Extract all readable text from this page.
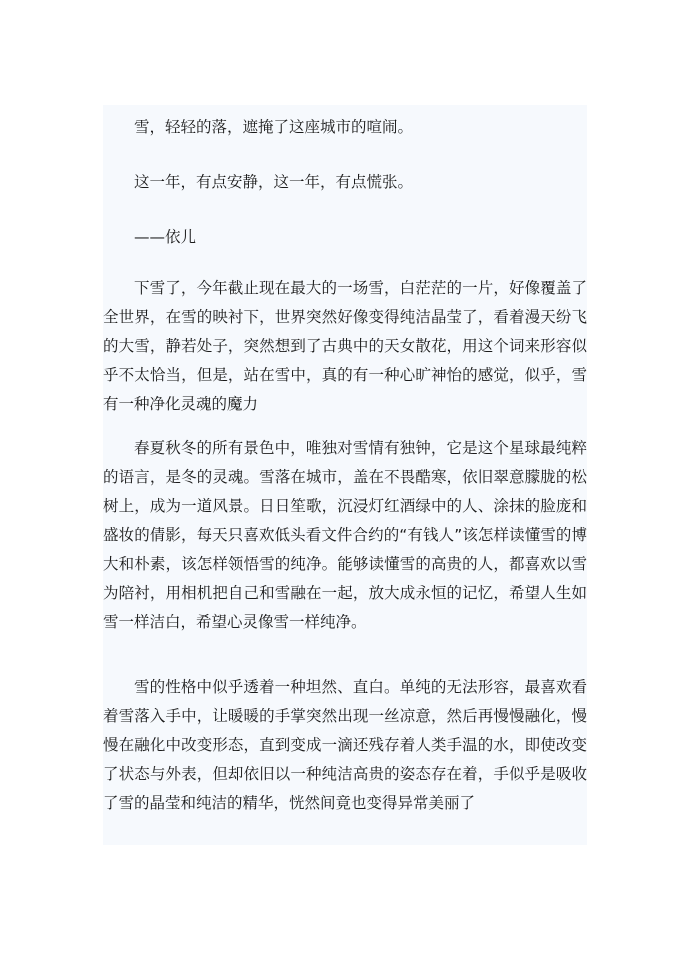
雪，轻轻的落，遮掩了这座城市的喧闹。

这一年，有点安静，这一年，有点慌张。

——依儿

下雪了，今年截止现在最大的一场雪，白茫茫的一片，好像覆盖了全世界，在雪的映衬下，世界突然好像变得纯洁晶莹了，看着漫天纷飞的大雪，静若处子，突然想到了古典中的天女散花，用这个词来形容似乎不太恰当，但是，站在雪中，真的有一种心旷神怡的感觉，似乎，雪有一种净化灵魂的魔力

春夏秋冬的所有景色中，唯独对雪情有独钟，它是这个星球最纯粹的语言，是冬的灵魂。雪落在城市，盖在不畏酷寒，依旧翠意朦胧的松树上，成为一道风景。日日笙歌，沉浸灯红酒绿中的人、涂抹的脸庞和盛妆的倩影，每天只喜欢低头看文件合约的“有钱人”该怎样读懂雪的博大和朴素，该怎样领悟雪的纯净。能够读懂雪的高贵的人，都喜欢以雪为陪衬，用相机把自己和雪融在一起，放大成永恒的记忆，希望人生如雪一样洁白，希望心灵像雪一样纯净。

雪的性格中似乎透着一种坦然、直白。单纯的无法形容，最喜欢看着雪落入手中，让暖暖的手掌突然出现一丝凉意，然后再慢慢融化，慢慢在融化中改变形态，直到变成一滴还残存着人类手温的水，即使改变了状态与外表，但却依旧以一种纯洁高贵的姿态存在着，手似乎是吸收了雪的晶莹和纯洁的精华，恍然间竟也变得异常美丽了
